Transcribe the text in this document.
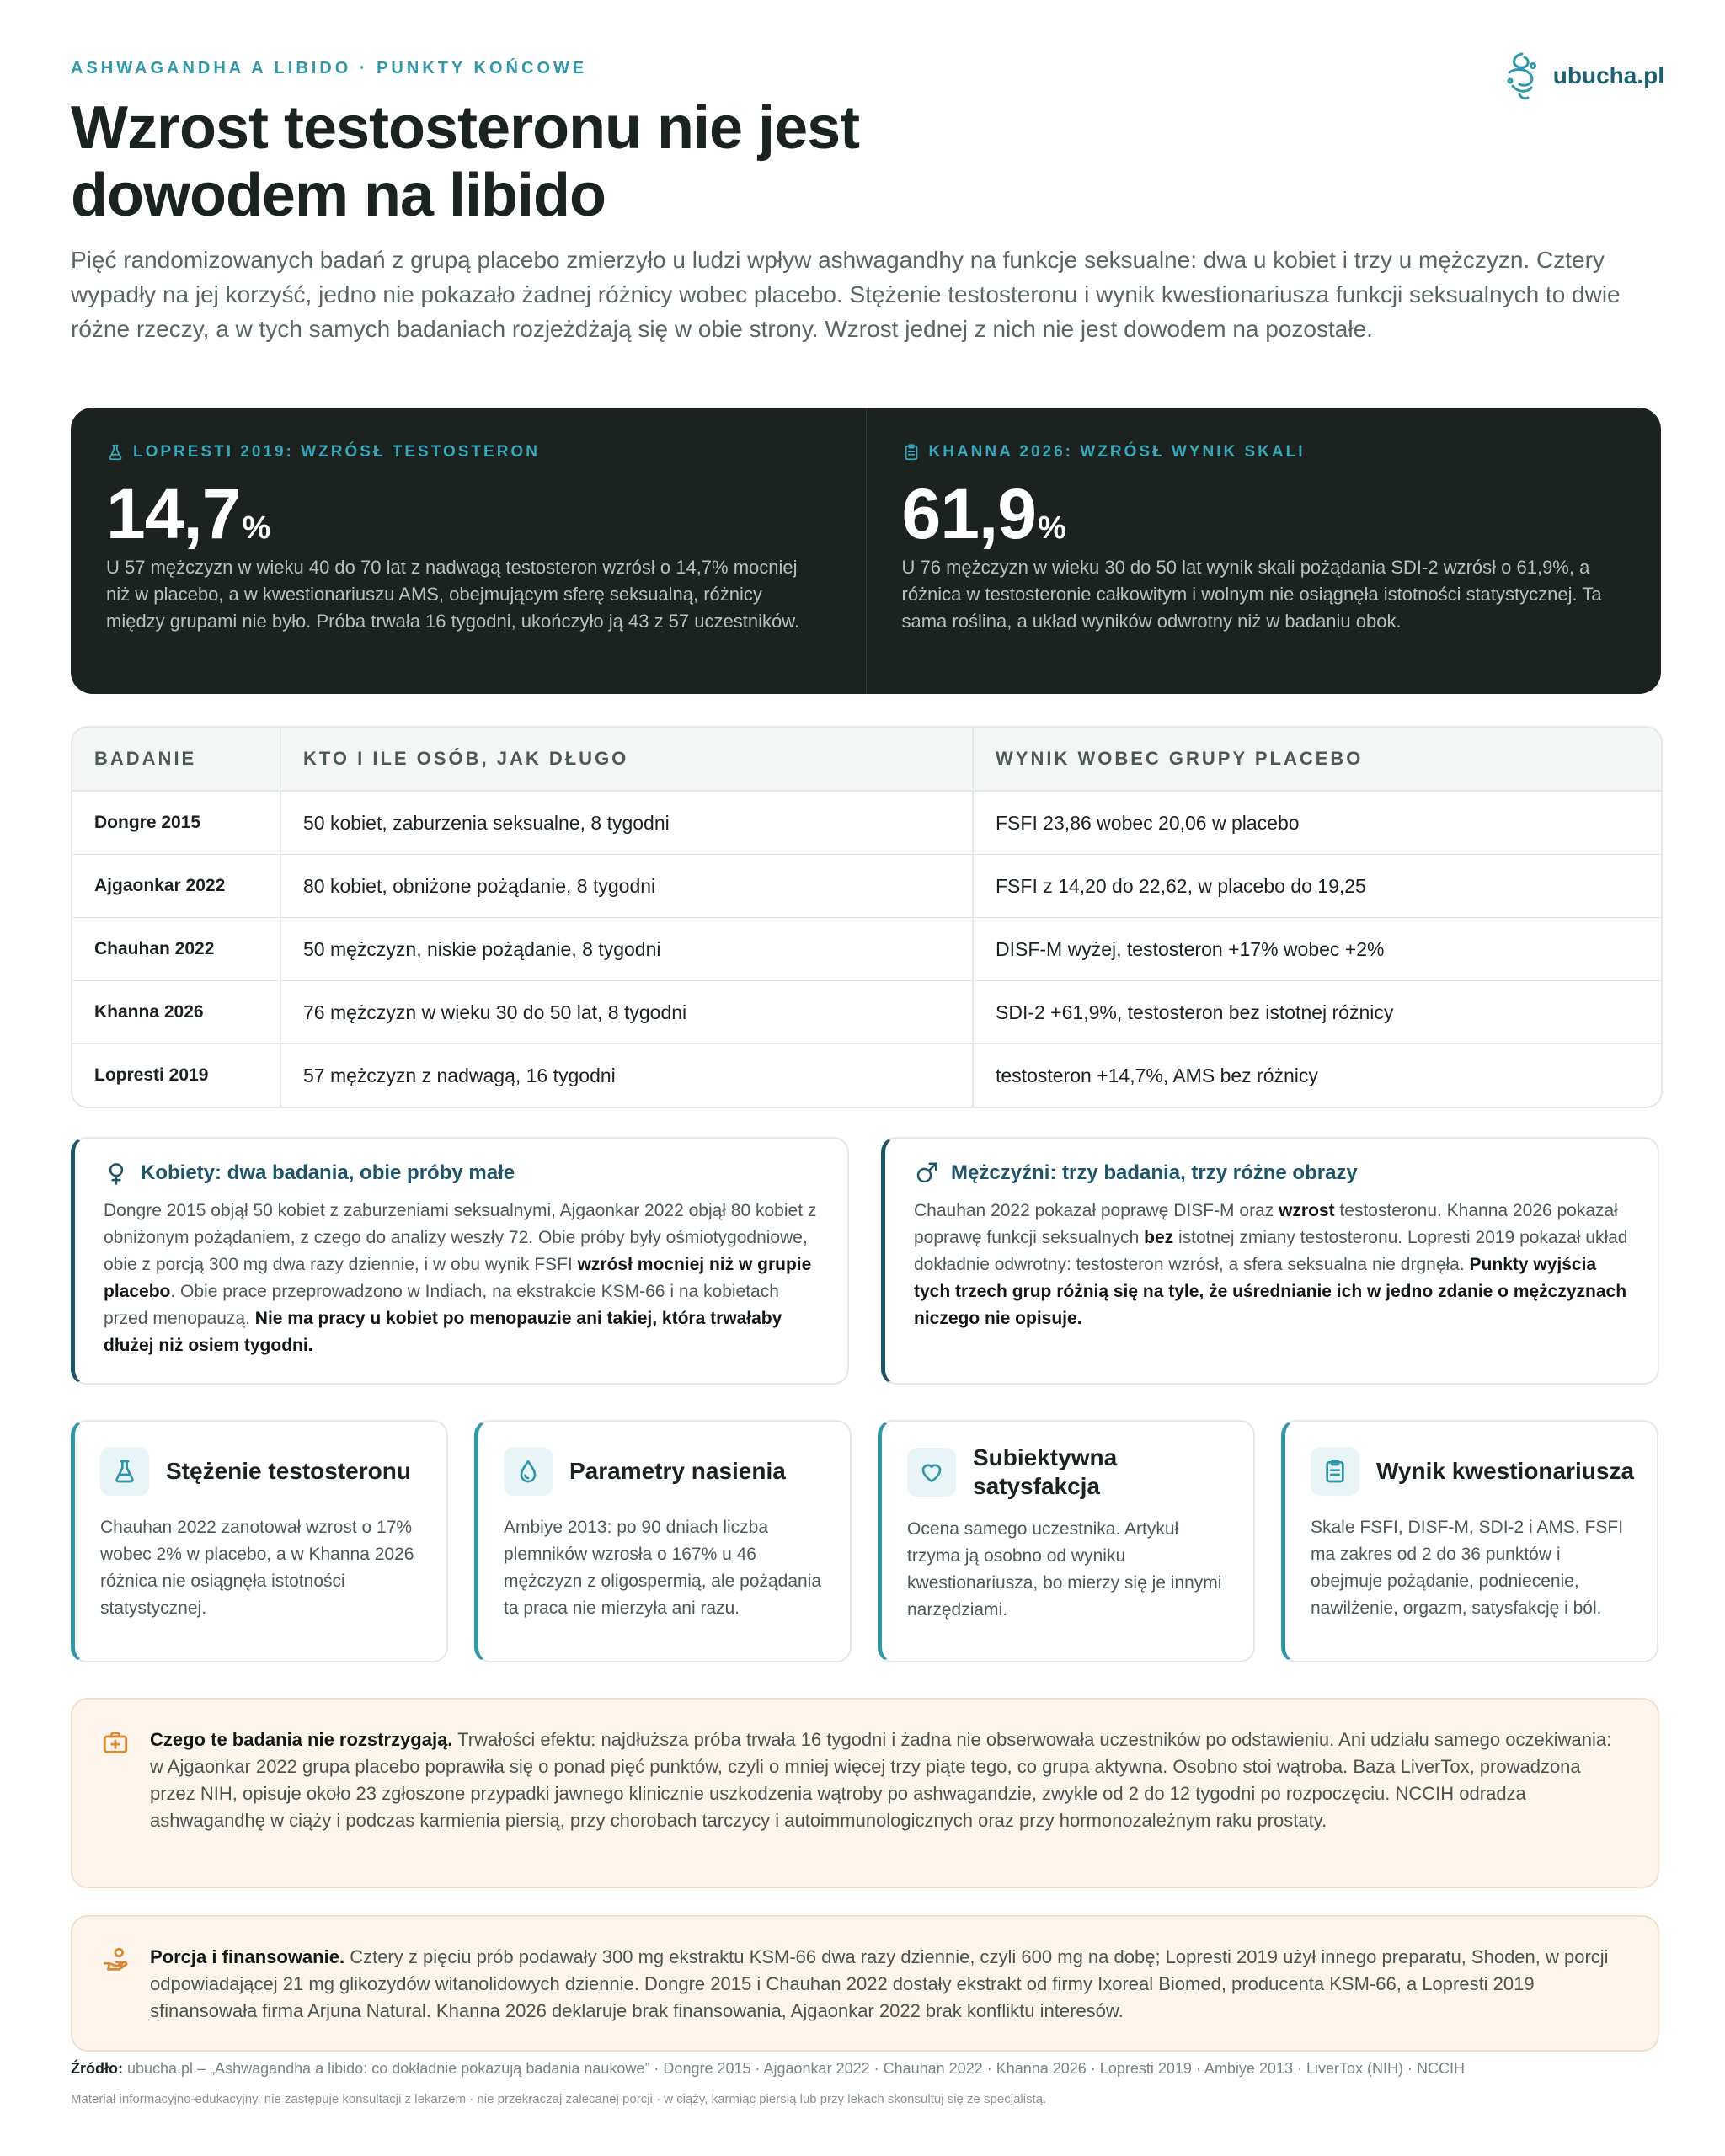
ASHWAGANDHA A LIBIDO · PUNKTY KOŃCOWE	ubucha.pl
Wzrost testosteronu nie jest dowodem na libido

Pięć randomizowanych badań z grupą placebo zmierzyło u ludzi wpływ ashwagandhy na funkcje seksualne: dwa u kobiet i trzy u mężczyzn. Cztery wypadły na jej korzyść, jedno nie pokazało żadnej różnicy wobec placebo. Stężenie testosteronu i wynik kwestionariusza funkcji seksualnych to dwie różne rzeczy, a w tych samych badaniach rozjeżdżają się w obie strony. Wzrost jednej z nich nie jest dowodem na pozostałe.

LOPRESTI 2019: WZRÓSŁ TESTOSTERON
14,7%

U 57 mężczyzn w wieku 40 do 70 lat z nadwagą testosteron wzrósł o 14,7% mocniej niż w placebo, a w kwestionariuszu AMS, obejmującym sferę seksualną, różnicy między grupami nie było. Próba trwała 16 tygodni, ukończyło ją 43 z 57 uczestników.

KHANNA 2026: WZRÓSŁ WYNIK SKALI
61,9%

U 76 mężczyzn w wieku 30 do 50 lat wynik skali pożądania SDI-2 wzrósł o 61,9%, a różnica w testosteronie całkowitym i wolnym nie osiągnęła istotności statystycznej. Ta sama roślina, a układ wyników odwrotny niż w badaniu obok.

BADANIE	KTO I ILE OSÓB, JAK DŁUGO	WYNIK WOBEC GRUPY PLACEBO
Dongre 2015	50 kobiet, zaburzenia seksualne, 8 tygodni	FSFI 23,86 wobec 20,06 w placebo
Ajgaonkar 2022	80 kobiet, obniżone pożądanie, 8 tygodni	FSFI z 14,20 do 22,62, w placebo do 19,25
Chauhan 2022	50 mężczyzn, niskie pożądanie, 8 tygodni	DISF-M wyżej, testosteron +17% wobec +2%
Khanna 2026	76 mężczyzn w wieku 30 do 50 lat, 8 tygodni	SDI-2 +61,9%, testosteron bez istotnej różnicy
Lopresti 2019	57 mężczyzn z nadwagą, 16 tygodni	testosteron +14,7%, AMS bez różnicy
Kobiety: dwa badania, obie próby małe

Dongre 2015 objął 50 kobiet z zaburzeniami seksualnymi, Ajgaonkar 2022 objął 80 kobiet z obniżonym pożądaniem, z czego do analizy weszły 72. Obie próby były ośmiotygodniowe, obie z porcją 300 mg dwa razy dziennie, i w obu wynik FSFI wzrósł mocniej niż w grupie placebo. Obie prace przeprowadzono w Indiach, na ekstrakcie KSM-66 i na kobietach przed menopauzą. Nie ma pracy u kobiet po menopauzie ani takiej, która trwałaby dłużej niż osiem tygodni.

Mężczyźni: trzy badania, trzy różne obrazy

Chauhan 2022 pokazał poprawę DISF-M oraz wzrost testosteronu. Khanna 2026 pokazał poprawę funkcji seksualnych bez istotnej zmiany testosteronu. Lopresti 2019 pokazał układ dokładnie odwrotny: testosteron wzrósł, a sfera seksualna nie drgnęła. Punkty wyjścia tych trzech grup różnią się na tyle, że uśrednianie ich w jedno zdanie o mężczyznach niczego nie opisuje.

Stężenie testosteronu

Chauhan 2022 zanotował wzrost o 17% wobec 2% w placebo, a w Khanna 2026 różnica nie osiągnęła istotności statystycznej.

Parametry nasienia

Ambiye 2013: po 90 dniach liczba plemników wzrosła o 167% u 46 mężczyzn z oligospermią, ale pożądania ta praca nie mierzyła ani razu.

Subiektywna satysfakcja

Ocena samego uczestnika. Artykuł trzyma ją osobno od wyniku kwestionariusza, bo mierzy się je innymi narzędziami.

Wynik kwestionariusza

Skale FSFI, DISF-M, SDI-2 i AMS. FSFI ma zakres od 2 do 36 punktów i obejmuje pożądanie, podniecenie, nawilżenie, orgazm, satysfakcję i ból.

Czego te badania nie rozstrzygają. Trwałości efektu: najdłuższa próba trwała 16 tygodni i żadna nie obserwowała uczestników po odstawieniu. Ani udziału samego oczekiwania: w Ajgaonkar 2022 grupa placebo poprawiła się o ponad pięć punktów, czyli o mniej więcej trzy piąte tego, co grupa aktywna. Osobno stoi wątroba. Baza LiverTox, prowadzona przez NIH, opisuje około 23 zgłoszone przypadki jawnego klinicznie uszkodzenia wątroby po ashwagandzie, zwykle od 2 do 12 tygodni po rozpoczęciu. NCCIH odradza ashwagandhę w ciąży i podczas karmienia piersią, przy chorobach tarczycy i autoimmunologicznych oraz przy hormonozależnym raku prostaty.

Porcja i finansowanie. Cztery z pięciu prób podawały 300 mg ekstraktu KSM-66 dwa razy dziennie, czyli 600 mg na dobę; Lopresti 2019 użył innego preparatu, Shoden, w porcji odpowiadającej 21 mg glikozydów witanolidowych dziennie. Dongre 2015 i Chauhan 2022 dostały ekstrakt od firmy Ixoreal Biomed, producenta KSM-66, a Lopresti 2019 sfinansowała firma Arjuna Natural. Khanna 2026 deklaruje brak finansowania, Ajgaonkar 2022 brak konfliktu interesów.

Źródło: ubucha.pl – „Ashwagandha a libido: co dokładnie pokazują badania naukowe” · Dongre 2015 · Ajgaonkar 2022 · Chauhan 2022 · Khanna 2026 · Lopresti 2019 · Ambiye 2013 · LiverTox (NIH) · NCCIH
Materiał informacyjno-edukacyjny, nie zastępuje konsultacji z lekarzem · nie przekraczaj zalecanej porcji · w ciąży, karmiąc piersią lub przy lekach skonsultuj się ze specjalistą.
